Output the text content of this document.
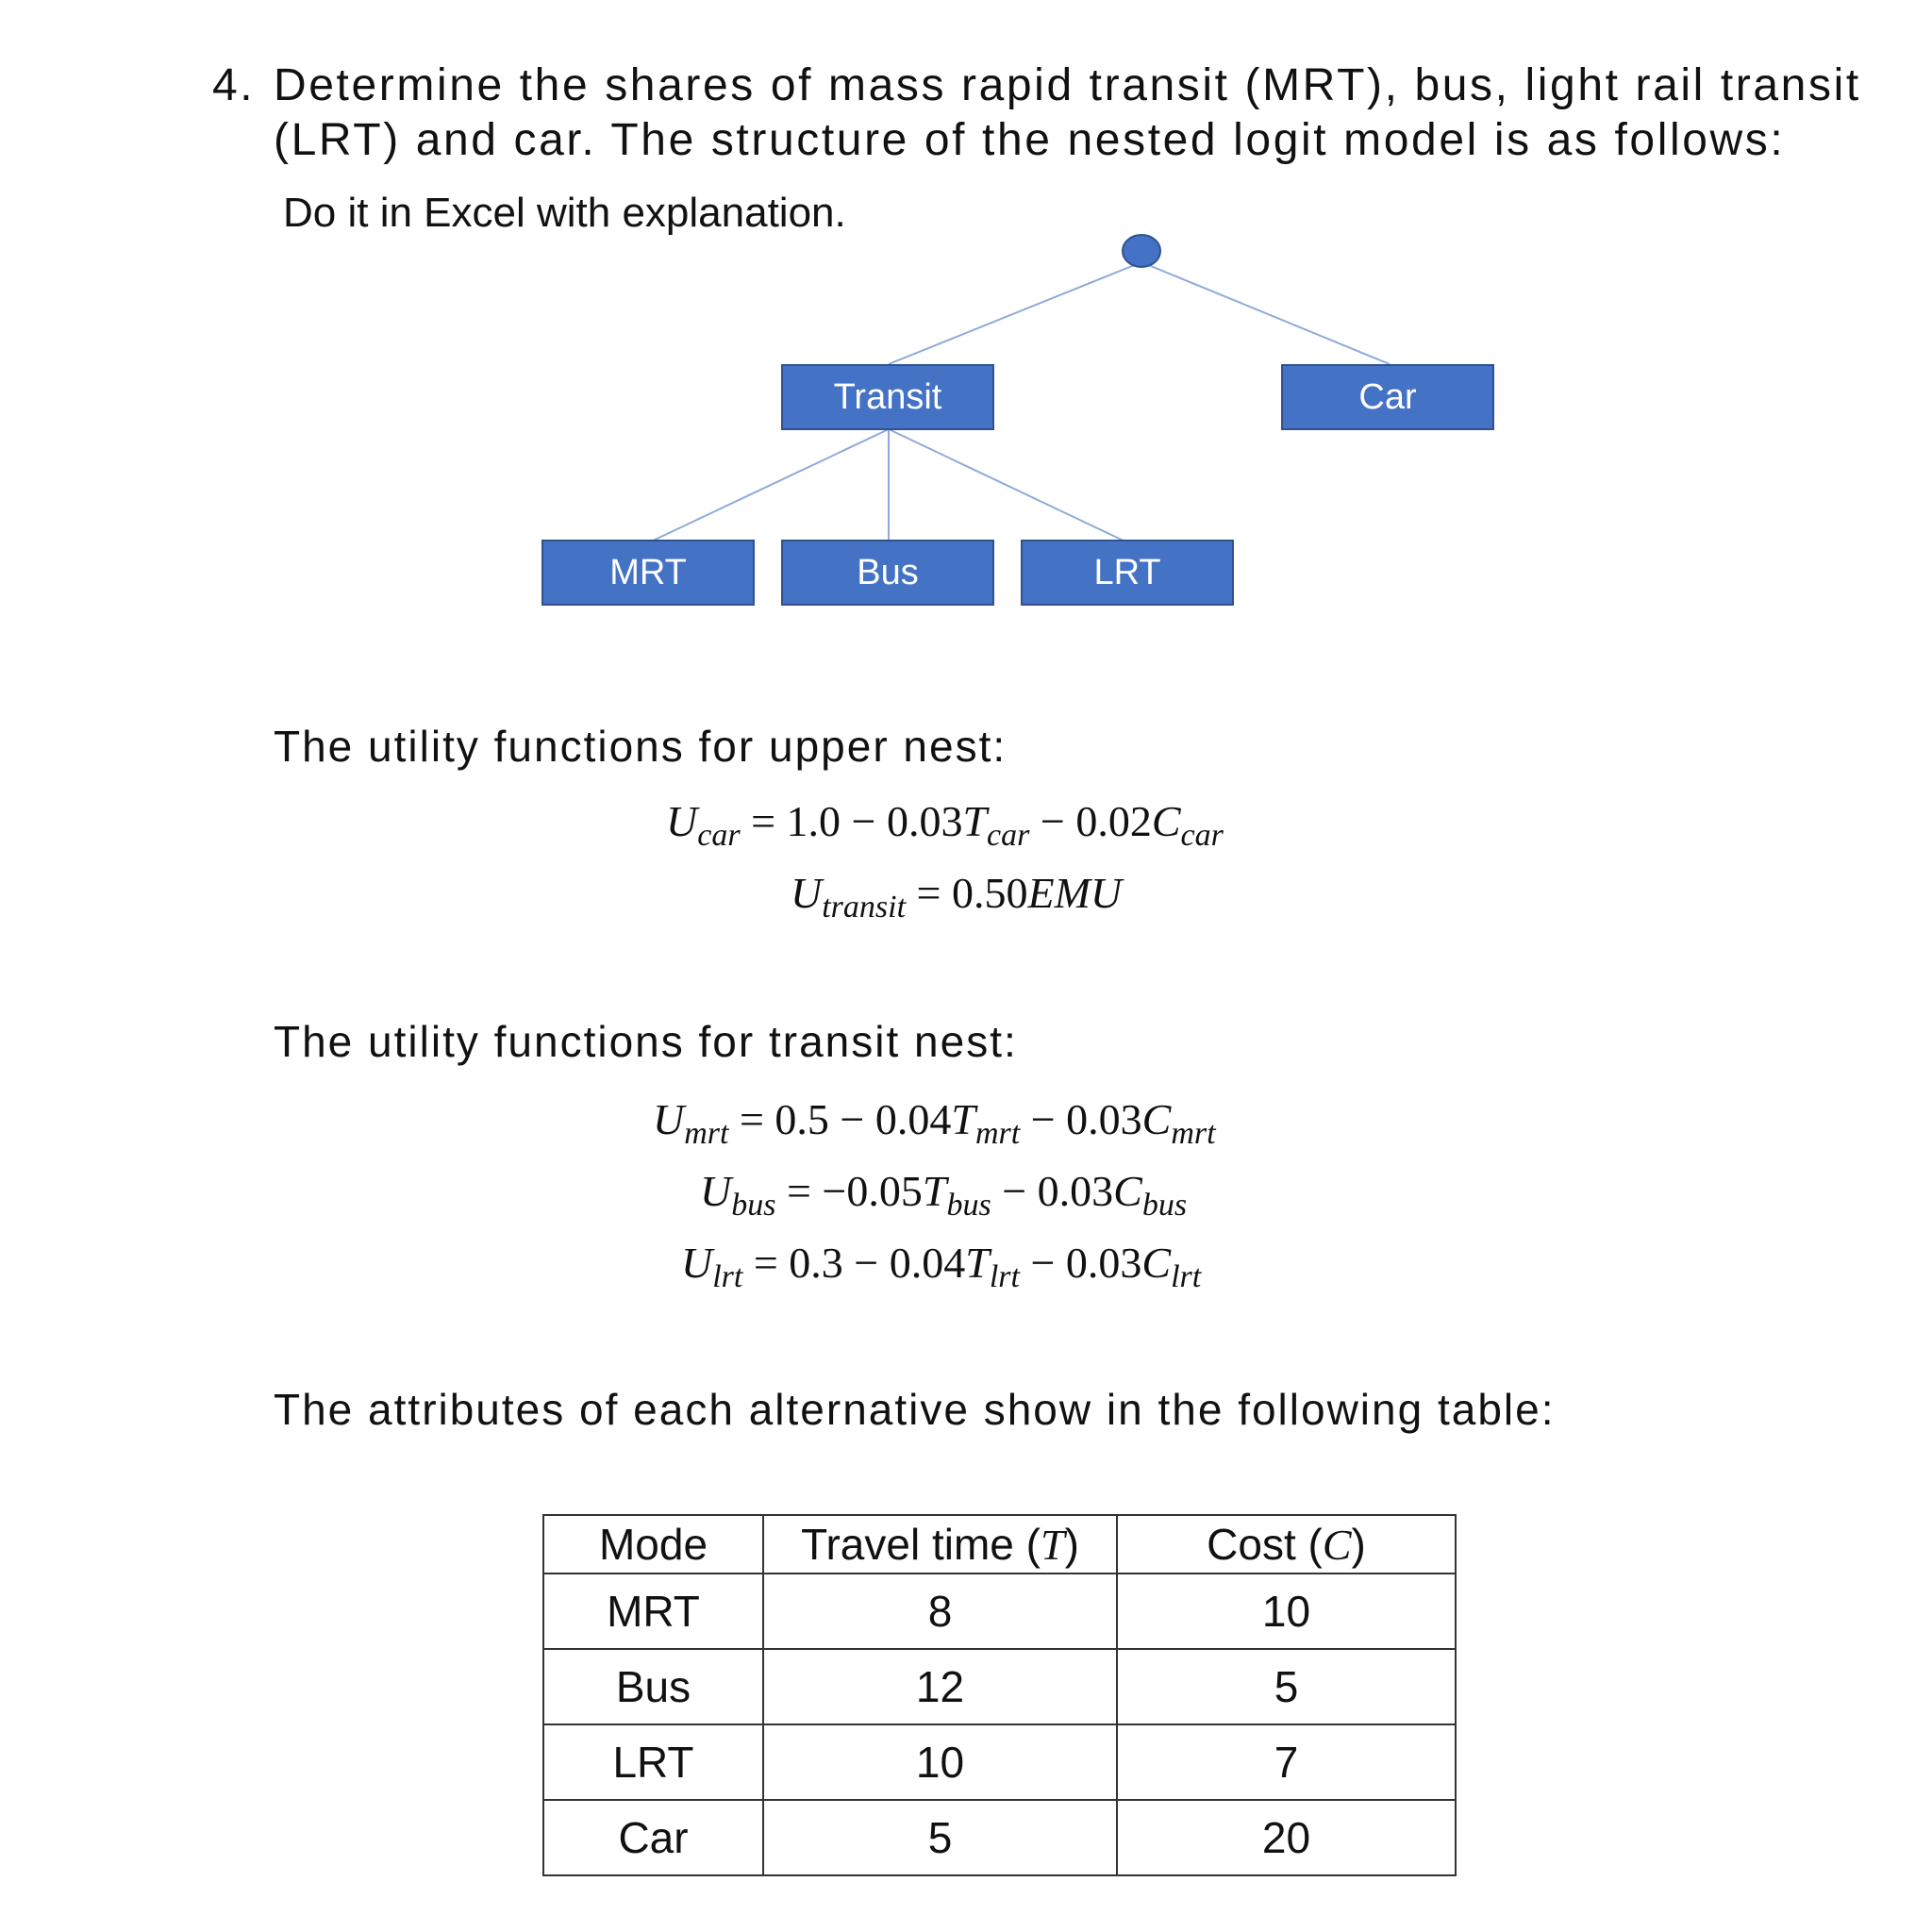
4. Determine the shares of mass rapid transit (MRT), bus, light rail transit
(LRT) and car. The structure of the nested logit model is as follows:
Do it in Excel with explanation.
Transit	Car
MRT	Bus	LRT
The utility functions for upper nest:
$U_{car} = 1.0 - 0.03T_{car} - 0.02C_{car}$
$U_{transit} = 0.50EMU$
The utility functions for transit nest:
$U_{mrt} = 0.5 - 0.04T_{mrt} - 0.03C_{mrt}$
$U_{bus} = -0.05T_{bus} - 0.03C_{bus}$
$U_{lrt} = 0.3 - 0.04T_{lrt} - 0.03C_{lrt}$
The attributes of each alternative show in the following table:
Mode	Travel time (T)	Cost (C)
MRT	8	10
Bus	12	5
LRT	10	7
Car	5	20
